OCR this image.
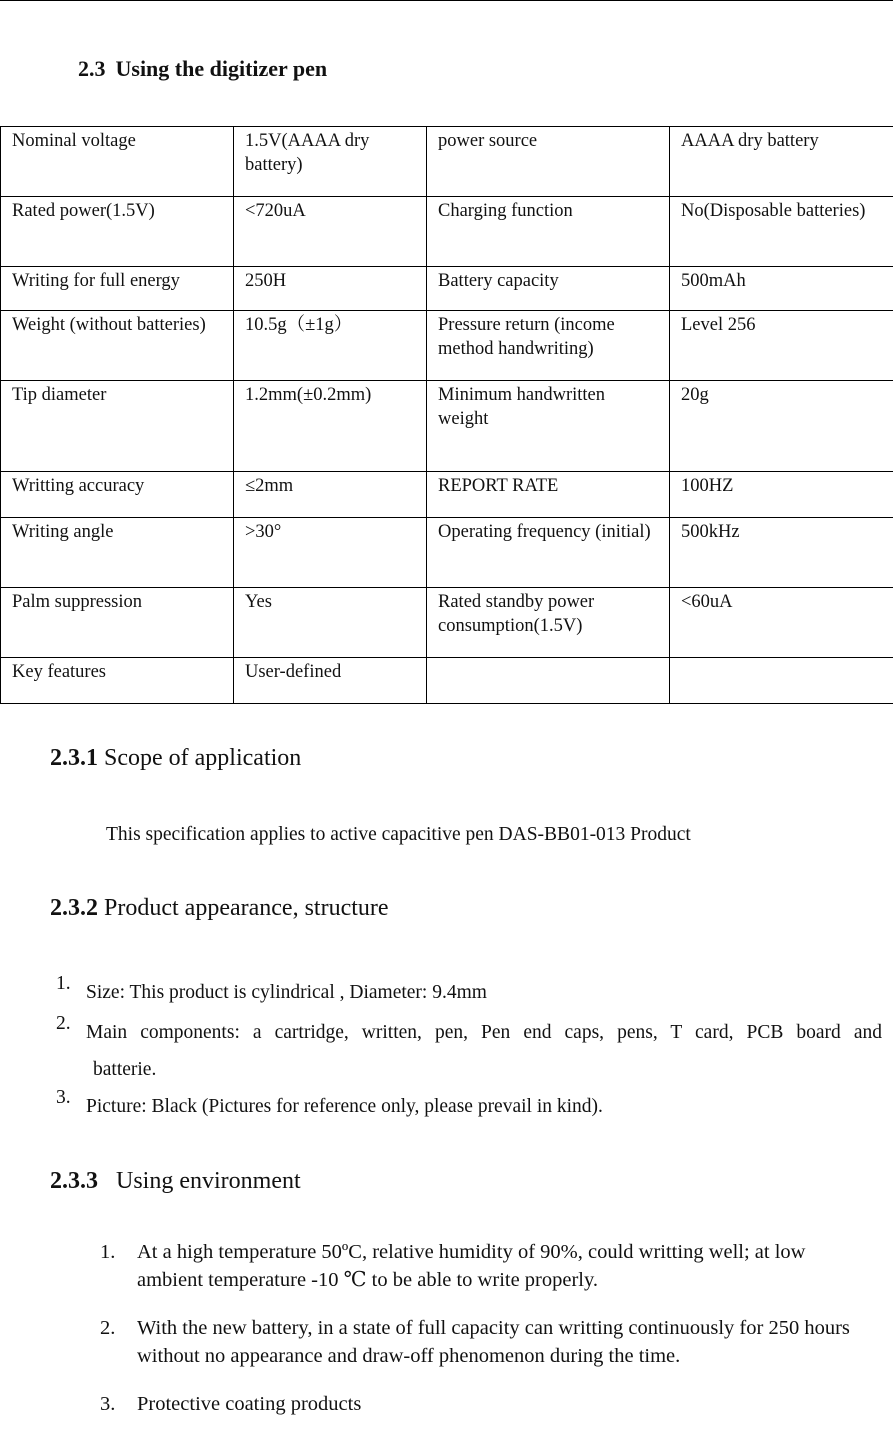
2.3 Using the digitizer pen
Nominal voltage	1.5V(AAAA dry battery)	power source	AAAA dry battery
Rated power(1.5V)	<720uA	Charging function	No(Disposable batteries)
Writing for full energy	250H	Battery capacity	500mAh
Weight (without batteries)	10.5g（±1g）	Pressure return (income method handwriting)	Level 256
Tip diameter	1.2mm(±0.2mm)	Minimum handwritten weight	20g
Writting accuracy	≤2mm	REPORT RATE	100HZ
Writing angle	>30°	Operating frequency (initial)	500kHz
Palm suppression	Yes	Rated standby power consumption(1.5V)	<60uA
Key features	User-defined		
2.3.1 Scope of application
This specification applies to active capacitive pen DAS-BB01-013 Product
2.3.2 Product appearance, structure
1. Size: This product is cylindrical , Diameter: 9.4mm
2. Main components: a cartridge, written, pen, Pen end caps, pens, T card, PCB board and
batterie.
3. Picture: Black (Pictures for reference only, please prevail in kind).
2.3.3 Using environment
1. At a high temperature 50ºC, relative humidity of 90%, could writting well; at low ambient temperature -10 ℃ to be able to write properly.
2. With the new battery, in a state of full capacity can writting continuously for 250 hours without no appearance and draw-off phenomenon during the time.
3. Protective coating products
